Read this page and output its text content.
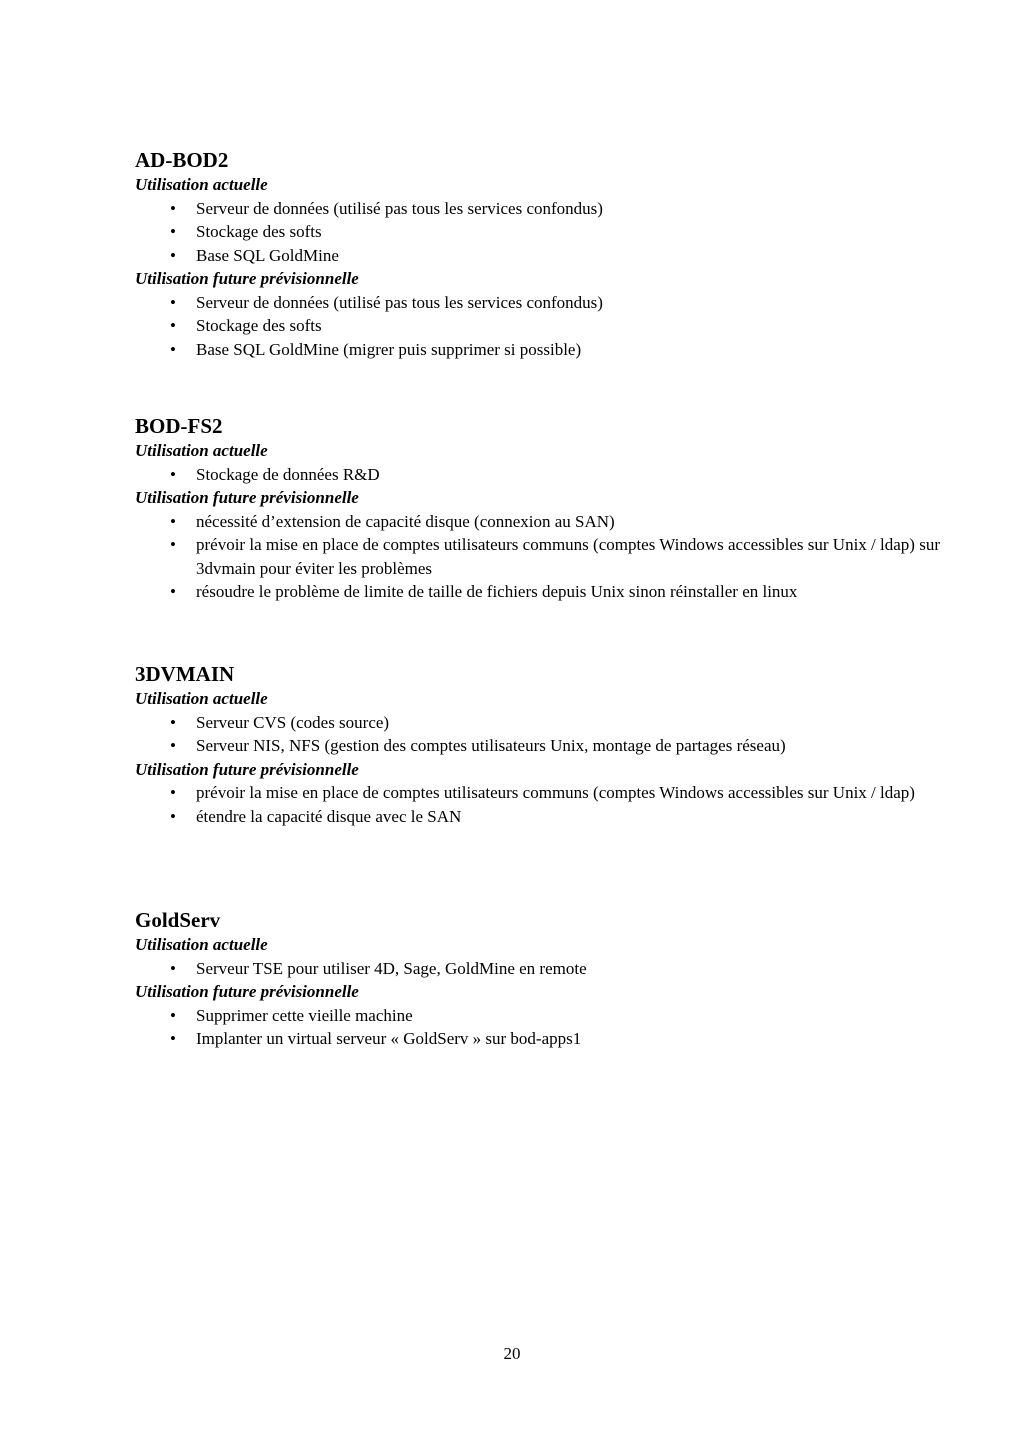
AD-BOD2
Utilisation actuelle
• Serveur de données (utilisé pas tous les services confondus)
• Stockage des softs
• Base SQL GoldMine
Utilisation future prévisionnelle
• Serveur de données (utilisé pas tous les services confondus)
• Stockage des softs
• Base SQL GoldMine (migrer puis supprimer si possible)
BOD-FS2
Utilisation actuelle
• Stockage de données R&D
Utilisation future prévisionnelle
• nécessité d’extension de capacité disque (connexion au SAN)
• prévoir la mise en place de comptes utilisateurs communs (comptes Windows accessibles sur Unix / ldap) sur 3dvmain pour éviter les problèmes
• résoudre le problème de limite de taille de fichiers depuis Unix sinon réinstaller en linux
3DVMAIN
Utilisation actuelle
• Serveur CVS (codes source)
• Serveur NIS, NFS (gestion des comptes utilisateurs Unix, montage de partages réseau)
Utilisation future prévisionnelle
• prévoir la mise en place de comptes utilisateurs communs (comptes Windows accessibles sur Unix / ldap)
• étendre la capacité disque avec le SAN
GoldServ
Utilisation actuelle
• Serveur TSE pour utiliser 4D, Sage, GoldMine en remote
Utilisation future prévisionnelle
• Supprimer cette vieille machine
• Implanter un virtual serveur « GoldServ » sur bod-apps1
20
